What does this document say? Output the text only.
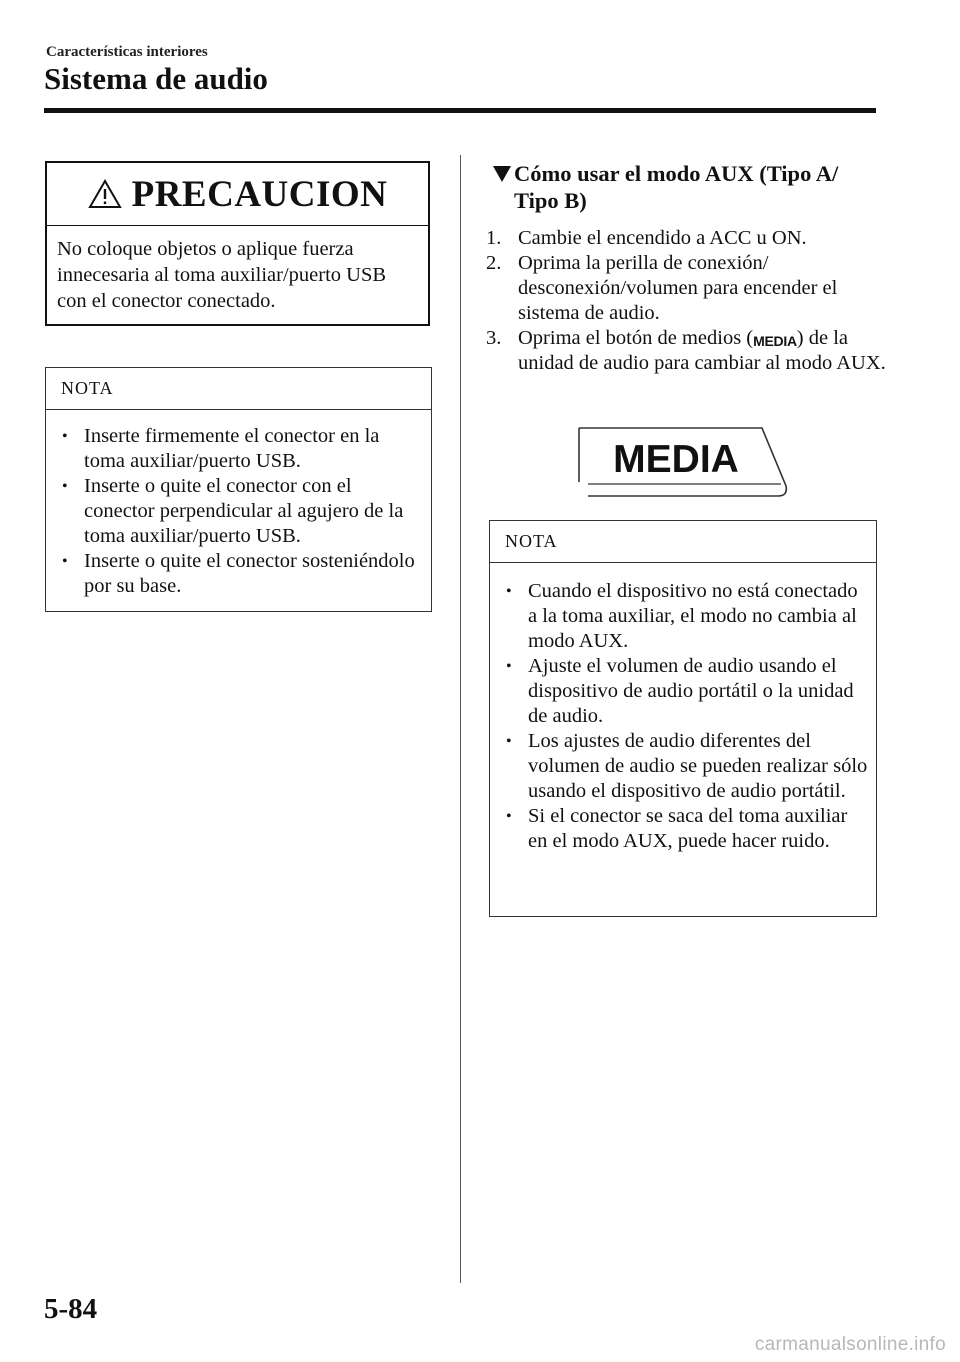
Características interiores
Sistema de audio
PRECAUCION
No coloque objetos o aplique fuerza innecesaria al toma auxiliar/puerto USB con el conector conectado.
NOTA
• Inserte firmemente el conector en la toma auxiliar/puerto USB.
• Inserte o quite el conector con el conector perpendicular al agujero de la toma auxiliar/puerto USB.
• Inserte o quite el conector sosteniéndolo por su base.
Cómo usar el modo AUX (Tipo A/ Tipo B)
1. Cambie el encendido a ACC u ON.
2. Oprima la perilla de conexión/ desconexión/volumen para encender el sistema de audio.
3. Oprima el botón de medios (MEDIA) de la unidad de audio para cambiar al modo AUX.
MEDIA
NOTA
• Cuando el dispositivo no está conectado a la toma auxiliar, el modo no cambia al modo AUX.
• Ajuste el volumen de audio usando el dispositivo de audio portátil o la unidad de audio.
• Los ajustes de audio diferentes del volumen de audio se pueden realizar sólo usando el dispositivo de audio portátil.
• Si el conector se saca del toma auxiliar en el modo AUX, puede hacer ruido.
5-84
carmanualsonline.info
